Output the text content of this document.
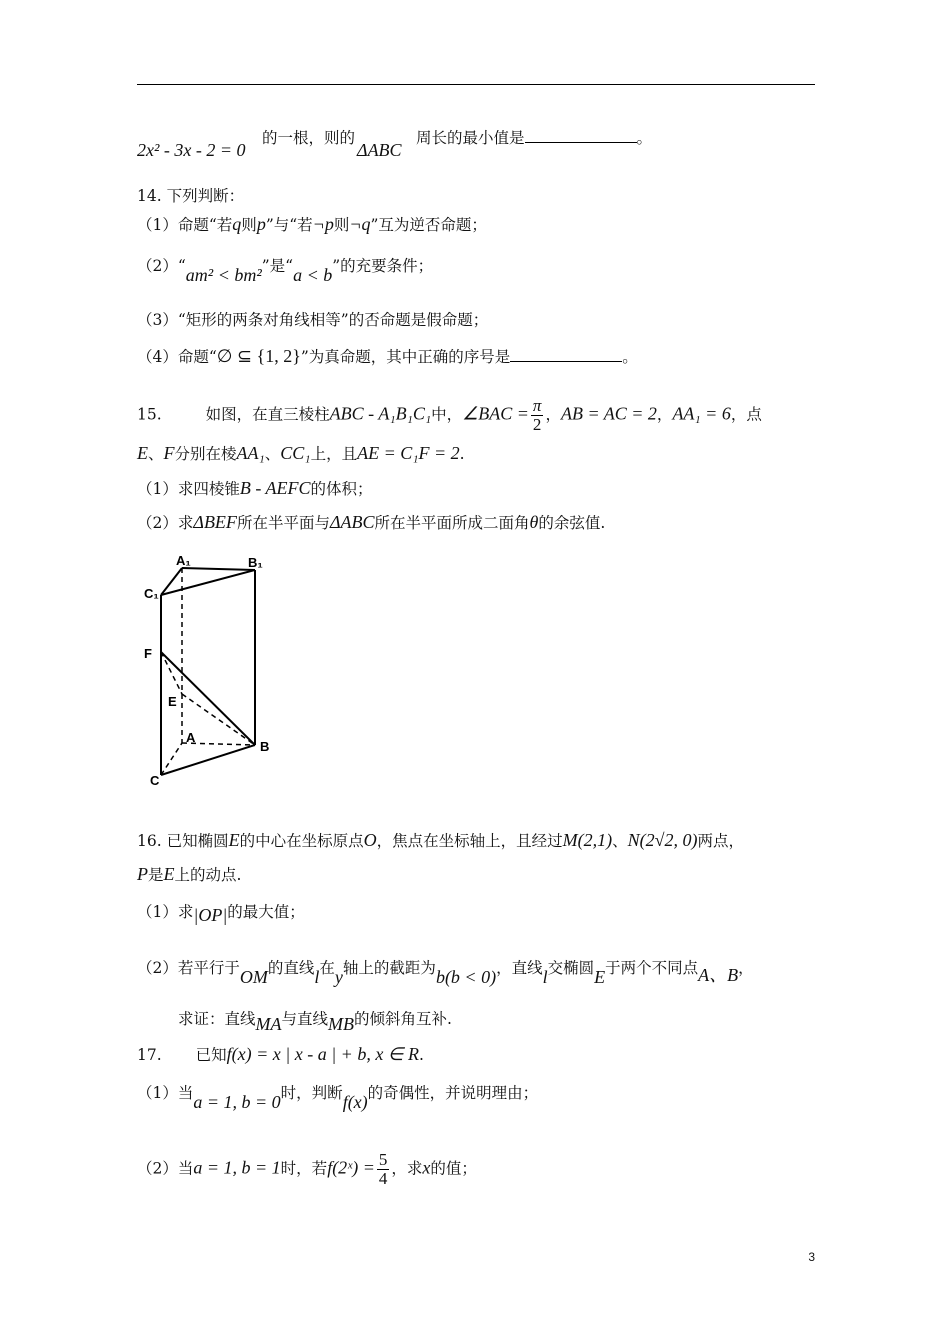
2x² - 3x - 2 = 0
的一根，则的
ΔABC
周长的最小值是	。
14. 下列判断：
（1）命题“若q则p”与“若¬p则¬q”互为逆否命题；
（2）“am² < bm²”是“a < b”的充要条件；
（3）“矩形的两条对角线相等”的否命题是假命题；
（4）命题“∅ ⊆ {1, 2}”为真命题，其中正确的序号是	。
15.	如图，在直三棱柱ABC - A₁B₁C₁中，∠BAC = $\frac{\pi}{2}$ ，AB = AC = 2，AA₁ = 6，点
E、F分别在棱AA₁、CC₁上，且AE = C₁F = 2.
（1）求四棱锥B - AEFC的体积；
（2）求ΔBEF所在半平面与ΔABC所在半平面所成二面角θ的余弦值.
A₁	B₁
C₁
F
E
A
B
C
16. 已知椭圆E的中心在坐标原点O，焦点在坐标轴上，且经过M(2,1)、N(2√2, 0)两点，
P是E上的动点.
（1）求|OP|的最大值；
（2）若平行于OM的直线l在y轴上的截距为b(b < 0)，直线l交椭圆E于两个不同点A、B，
求证：直线MA与直线MB的倾斜角互补.
17. 已知f(x) = x | x - a | + b, x ∈ R.
（1）当a = 1, b = 0时，判断f(x)的奇偶性，并说明理由；
（2）当a = 1, b = 1时，若f(2ˣ) = $\frac{5}{4}$ ，求x的值；
3
